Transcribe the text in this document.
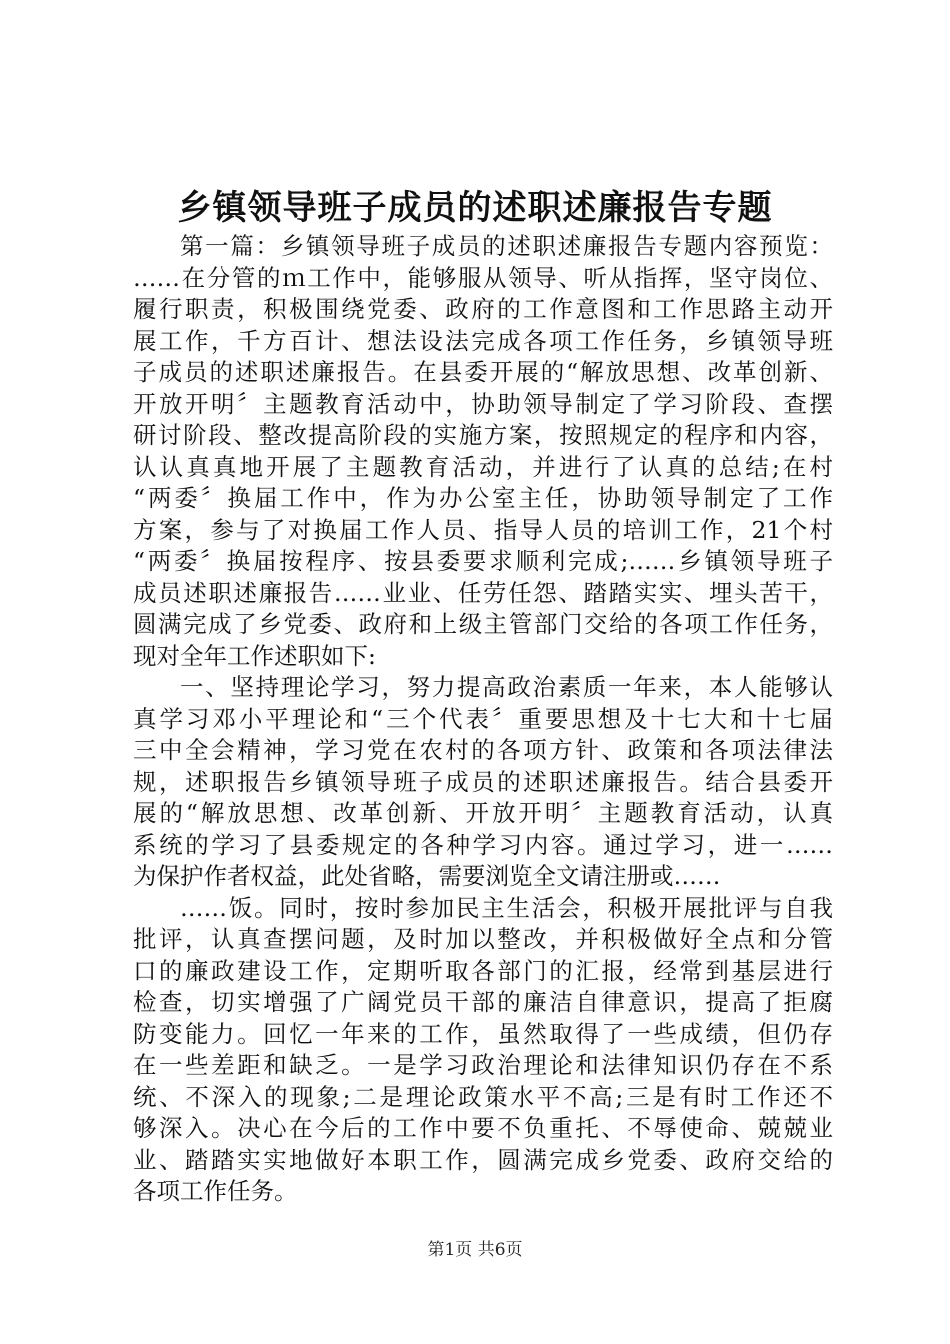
乡镇领导班子成员的述职述廉报告专题
第一篇：乡镇领导班子成员的述职述廉报告专题内容预览：
……在分管的ｍ工作中，能够服从领导、听从指挥，坚守岗位、
履行职责，积极围绕党委、政府的工作意图和工作思路主动开
展工作，千方百计、想法设法完成各项工作任务，乡镇领导班
子成员的述职述廉报告。在县委开展的“解放思想、改革创新、
开放开明〞主题教育活动中，协助领导制定了学习阶段、查摆
研讨阶段、整改提高阶段的实施方案，按照规定的程序和内容，
认认真真地开展了主题教育活动，并进行了认真的总结;在村
“两委〞换届工作中，作为办公室主任，协助领导制定了工作
方案，参与了对换届工作人员、指导人员的培训工作，21个村
“两委〞换届按程序、按县委要求顺利完成;……乡镇领导班子
成员述职述廉报告……业业、任劳任怨、踏踏实实、埋头苦干，
圆满完成了乡党委、政府和上级主管部门交给的各项工作任务，
现对全年工作述职如下:
一、坚持理论学习，努力提高政治素质一年来，本人能够认
真学习邓小平理论和“三个代表〞重要思想及十七大和十七届
三中全会精神，学习党在农村的各项方针、政策和各项法律法
规，述职报告乡镇领导班子成员的述职述廉报告。结合县委开
展的“解放思想、改革创新、开放开明〞主题教育活动，认真
系统的学习了县委规定的各种学习内容。通过学习，进一……
为保护作者权益，此处省略，需要浏览全文请注册或……
……饭。同时，按时参加民主生活会，积极开展批评与自我
批评，认真查摆问题，及时加以整改，并积极做好全点和分管
口的廉政建设工作，定期听取各部门的汇报，经常到基层进行
检查，切实增强了广阔党员干部的廉洁自律意识，提高了拒腐
防变能力。回忆一年来的工作，虽然取得了一些成绩，但仍存
在一些差距和缺乏。一是学习政治理论和法律知识仍存在不系
统、不深入的现象;二是理论政策水平不高;三是有时工作还不
够深入。决心在今后的工作中要不负重托、不辱使命、兢兢业
业、踏踏实实地做好本职工作，圆满完成乡党委、政府交给的
各项工作任务。
第1页 共6页
